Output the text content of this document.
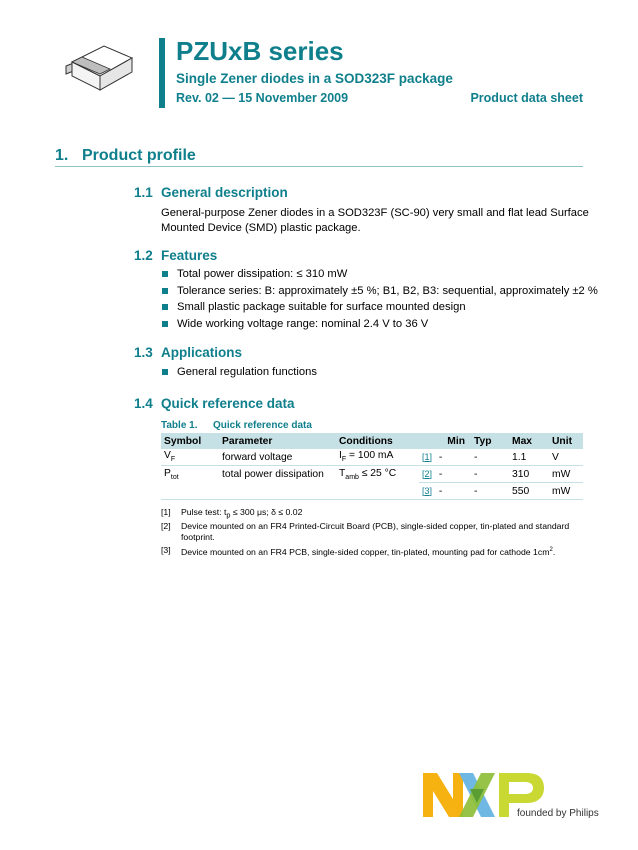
PZUxB series
Single Zener diodes in a SOD323F package
Rev. 02 — 15 November 2009	Product data sheet
1. Product profile
1.1 General description
General-purpose Zener diodes in a SOD323F (SC-90) very small and flat lead Surface
Mounted Device (SMD) plastic package.
1.2 Features
Total power dissipation: ≤ 310 mW
Tolerance series: B: approximately ±5 %; B1, B2, B3: sequential, approximately ±2 %
Small plastic package suitable for surface mounted design
Wide working voltage range: nominal 2.4 V to 36 V
1.3 Applications
General regulation functions
1.4 Quick reference data
Table 1. Quick reference data
Symbol	Parameter	Conditions	Min	Typ	Max	Unit
$V_F$	forward voltage	$I_F = 100$ mA	[1] -	-	1.1	V
$P_{tot}$	total power dissipation	$T_{amb} \le 25$ °C	[2] -	-	310	mW
			[3] -	-	550	mW
[1] Pulse test: $t_p \le 300$ μs; δ ≤ 0.02
[2] Device mounted on an FR4 Printed-Circuit Board (PCB), single-sided copper, tin-plated and standard footprint.
[3] Device mounted on an FR4 PCB, single-sided copper, tin-plated, mounting pad for cathode $1cm^2$.
founded by Philips
